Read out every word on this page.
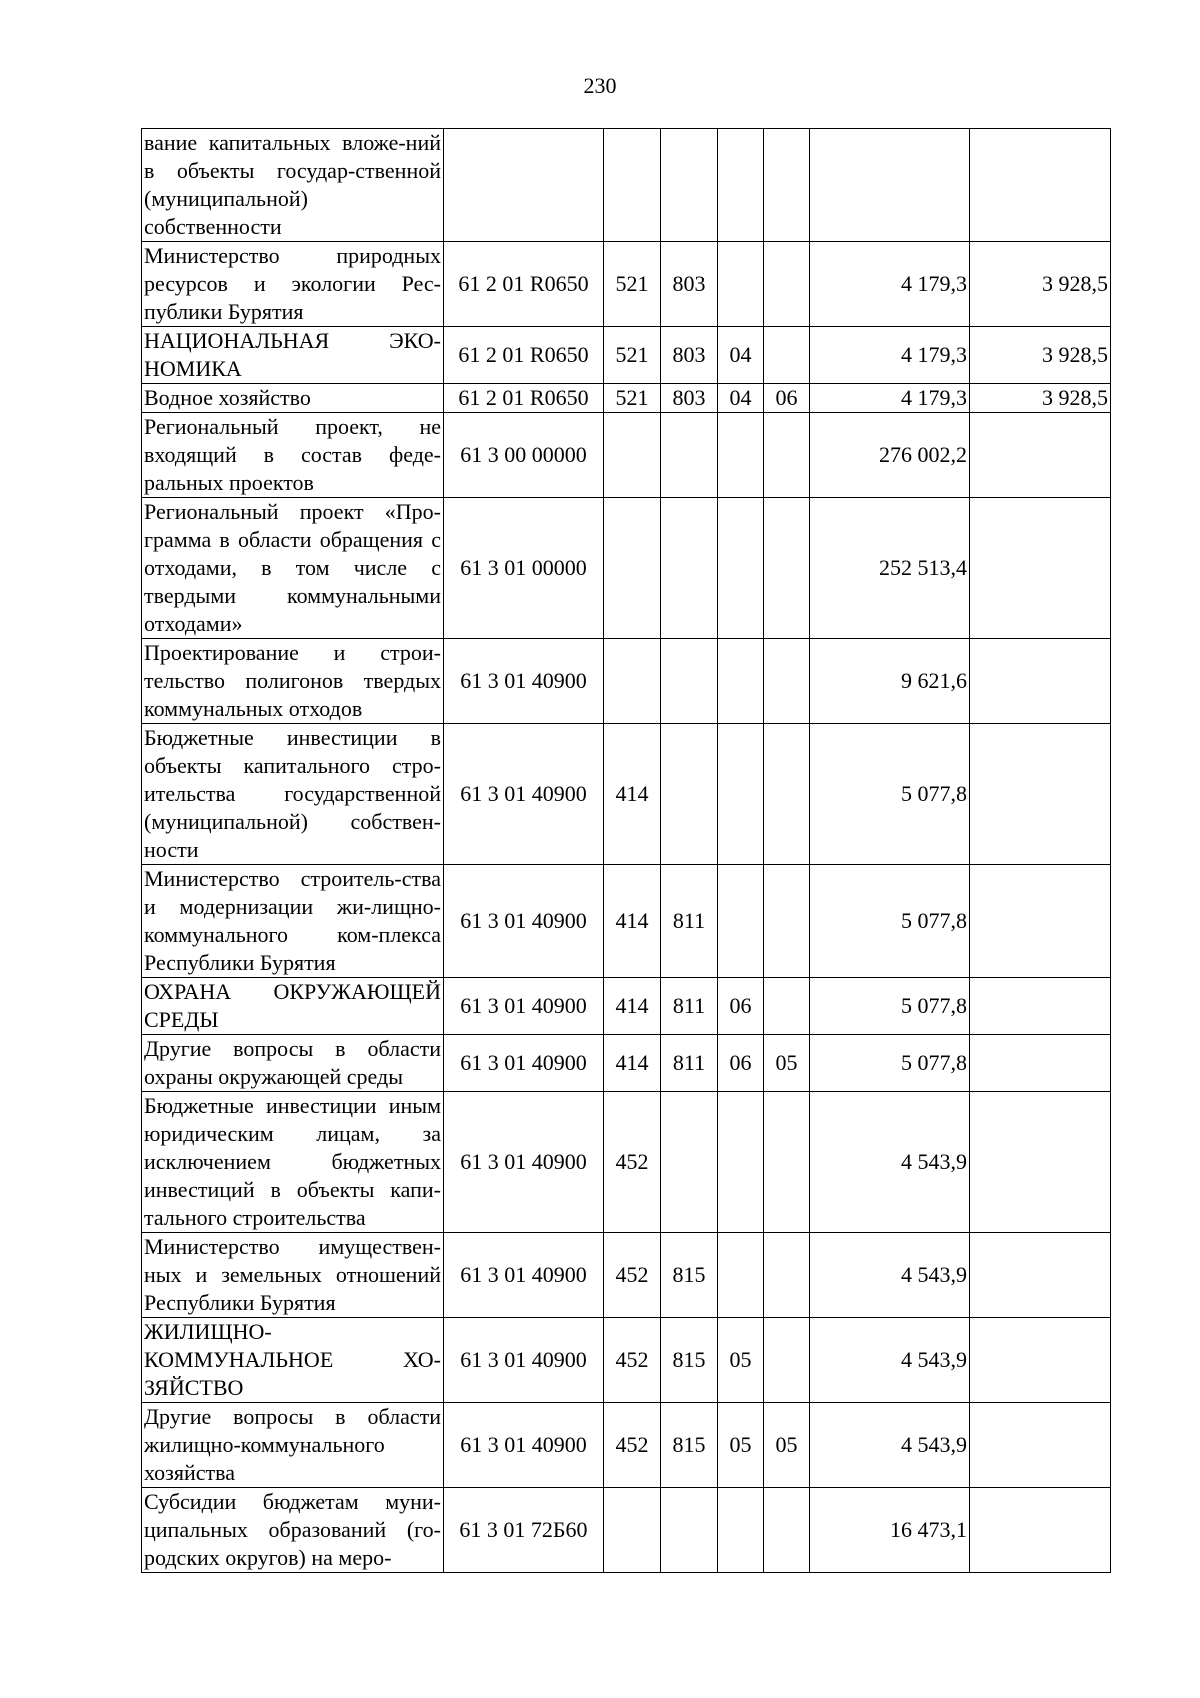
230
вание капитальных вложе-ний в объекты государ-ственной (муниципальной) собственности							
Министерство природных ресурсов и экологии Рес-публики Бурятия	61 2 01 R0650	521	803			4 179,3	3 928,5
НАЦИОНАЛЬНАЯ ЭКО-НОМИКА	61 2 01 R0650	521	803	04		4 179,3	3 928,5
Водное хозяйство	61 2 01 R0650	521	803	04	06	4 179,3	3 928,5
Региональный проект, не входящий в состав феде-ральных проектов	61 3 00 00000					276 002,2	
Региональный проект «Про-грамма в области обращения с отходами, в том числе с твердыми коммунальными отходами»	61 3 01 00000					252 513,4	
Проектирование и строи-тельство полигонов твердых коммунальных отходов	61 3 01 40900					9 621,6	
Бюджетные инвестиции в объекты капитального стро-ительства государственной (муниципальной) собствен-ности	61 3 01 40900	414				5 077,8	
Министерство строитель-ства и модернизации жи-лищно-коммунального ком-плекса Республики Бурятия	61 3 01 40900	414	811			5 077,8	
ОХРАНА ОКРУЖАЮЩЕЙ СРЕДЫ	61 3 01 40900	414	811	06		5 077,8	
Другие вопросы в области охраны окружающей среды	61 3 01 40900	414	811	06	05	5 077,8	
Бюджетные инвестиции иным юридическим лицам, за исключением бюджетных инвестиций в объекты капи-тального строительства	61 3 01 40900	452				4 543,9	
Министерство имуществен-ных и земельных отношений Республики Бурятия	61 3 01 40900	452	815			4 543,9	
ЖИЛИЩНО-КОММУНАЛЬНОЕ ХО-ЗЯЙСТВО	61 3 01 40900	452	815	05		4 543,9	
Другие вопросы в области жилищно-коммунального хозяйства	61 3 01 40900	452	815	05	05	4 543,9	
Субсидии бюджетам муни-ципальных образований (го-родских округов) на меро-	61 3 01 72Б60					16 473,1	
